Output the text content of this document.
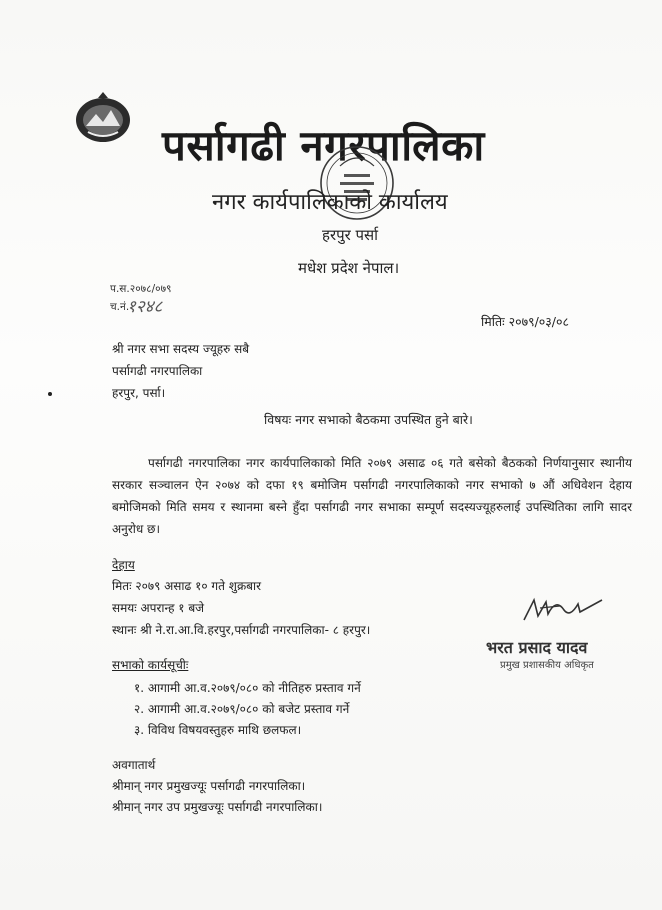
पर्सागढी नगरपालिका
नगर कार्यपालिकाको कार्यालय
हरपुर पर्सा
मधेश प्रदेश नेपाल।
प.स.२०७८/०७९
च.नं.
१२४८
मितिः २०७९/०३/०८
श्री नगर सभा सदस्य ज्यूहरु सबै
पर्सागढी नगरपालिका
हरपुर, पर्सा।
विषयः नगर सभाको बैठकमा उपस्थित हुने बारे।

पर्सागढी नगरपालिका नगर कार्यपालिकाको मिति २०७९ असाढ ०६ गते बसेको बैठकको निर्णयानुसार स्थानीय सरकार सञ्चालन ऐन २०७४ को दफा १९ बमोजिम पर्सागढी नगरपालिकाको नगर सभाको ७ औं अधिवेशन देहाय बमोजिमको मिति समय र स्थानमा बस्ने हुँदा पर्सागढी नगर सभाका सम्पूर्ण सदस्यज्यूहरुलाई उपस्थितिका लागि सादर अनुरोध छ।

देहाय
मितः २०७९ असाढ १० गते शुक्रबार
समयः अपरान्ह १ बजे
स्थानः श्री ने.रा.आ.वि.हरपुर,पर्सागढी नगरपालिका- ८ हरपुर।
सभाको कार्यसूचीः
१. आगामी आ.व.२०७९/०८० को नीतिहरु प्रस्ताव गर्ने
२. आगामी आ.व.२०७९/०८० को बजेट प्रस्ताव गर्ने
३. विविध विषयवस्तुहरु माथि छलफल।
अवगातार्थ
श्रीमान् नगर प्रमुखज्यूः पर्सागढी नगरपालिका।
श्रीमान् नगर उप प्रमुखज्यूः पर्सागढी नगरपालिका।
भरत प्रसाद यादव
प्रमुख प्रशासकीय अधिकृत
